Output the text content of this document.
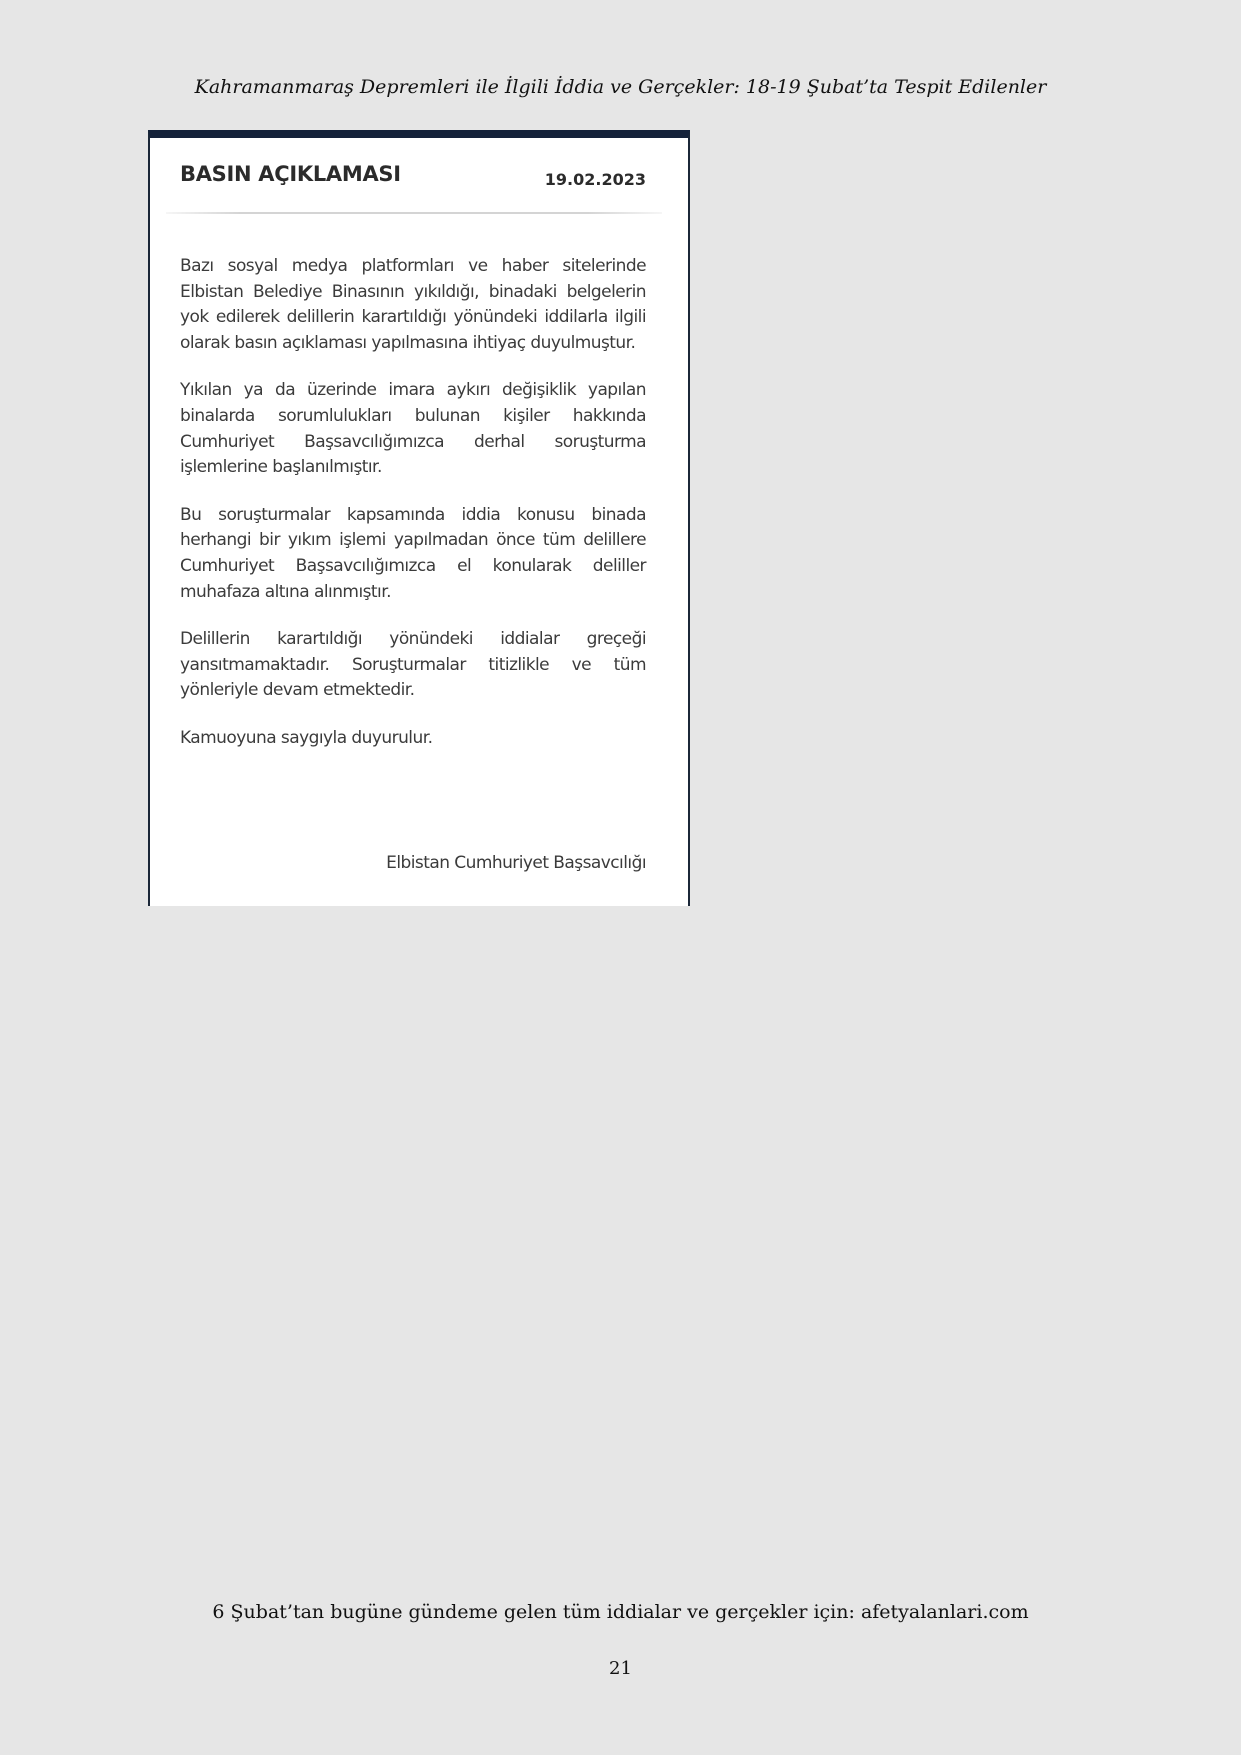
Kahramanmaraş Depremleri ile İlgili İddia ve Gerçekler: 18-19 Şubat’ta Tespit Edilenler
BASIN AÇIKLAMASI	19.02.2023

Bazı sosyal medya platformları ve haber sitelerinde Elbistan Belediye Binasının yıkıldığı, binadaki belgelerin yok edilerek delillerin karartıldığı yönündeki iddilarla ilgili olarak basın açıklaması yapılmasına ihtiyaç duyulmuştur.

Yıkılan ya da üzerinde imara aykırı değişiklik yapılan binalarda sorumlulukları bulunan kişiler hakkında Cumhuriyet Başsavcılığımızca derhal soruşturma işlemlerine başlanılmıştır.

Bu soruşturmalar kapsamında iddia konusu binada herhangi bir yıkım işlemi yapılmadan önce tüm delillere Cumhuriyet Başsavcılığımızca el konularak deliller muhafaza altına alınmıştır.

Delillerin karartıldığı yönündeki iddialar greçeği yansıtmamaktadır. Soruşturmalar titizlikle ve tüm yönleriyle devam etmektedir.

Kamuoyuna saygıyla duyurulur.

Elbistan Cumhuriyet Başsavcılığı
6 Şubat’tan bugüne gündeme gelen tüm iddialar ve gerçekler için: afetyalanlari.com
21
